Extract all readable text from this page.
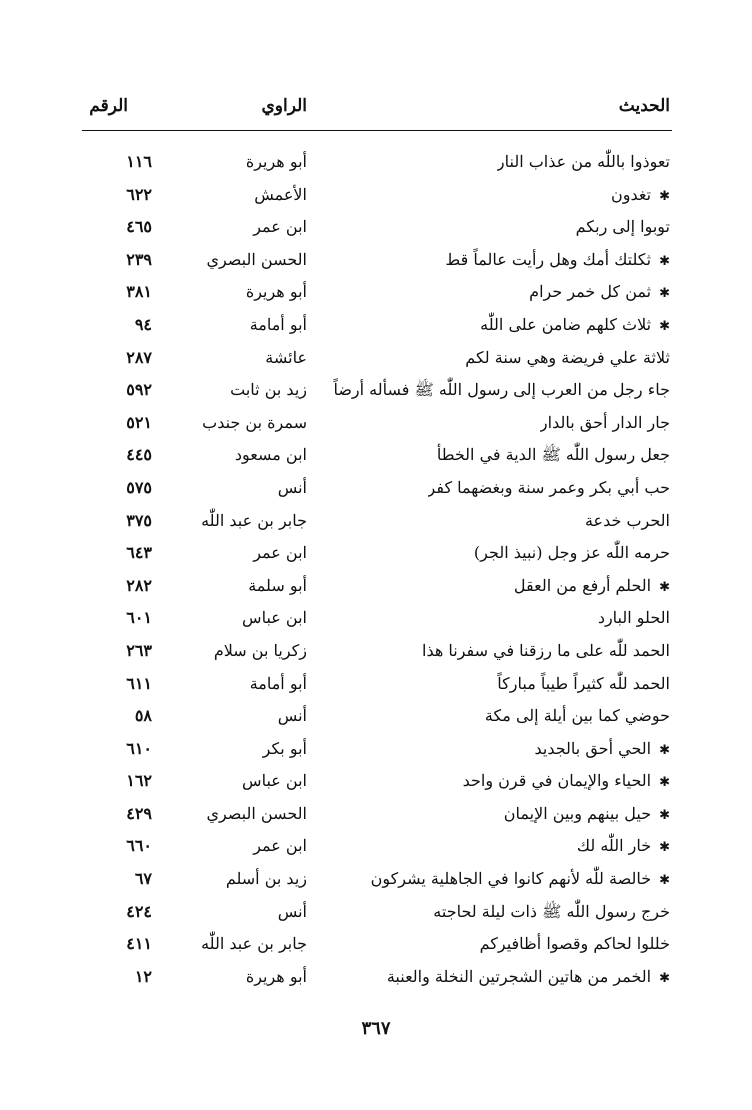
الحديث
الراوي
الرقم
تعوذوا باللّٰه من عذاب النار
أبو هريرة
١١٦
✱تغدون
الأعمش
٦٢٢
توبوا إلى ربكم
ابن عمر
٤٦٥
✱ثكلتك أمك وهل رأيت عالماً قط
الحسن البصري
٢٣٩
✱ثمن كل خمر حرام
أبو هريرة
٣٨١
✱ثلاث كلهم ضامن على اللّٰه
أبو أمامة
٩٤
ثلاثة علي فريضة وهي سنة لكم
عائشة
٢٨٧
جاء رجل من العرب إلى رسول اللّٰه ﷺ فسأله أرضاً
زيد بن ثابت
٥٩٢
جار الدار أحق بالدار
سمرة بن جندب
٥٢١
جعل رسول اللّٰه ﷺ الدية في الخطأ
ابن مسعود
٤٤٥
حب أبي بكر وعمر سنة وبغضهما كفر
أنس
٥٧٥
الحرب خدعة
جابر بن عبد اللّٰه
٣٧٥
حرمه اللّٰه عز وجل (نبيذ الجر)
ابن عمر
٦٤٣
✱الحلم أرفع من العقل
أبو سلمة
٢٨٢
الحلو البارد
ابن عباس
٦٠١
الحمد للّٰه على ما رزقنا في سفرنا هذا
زكريا بن سلام
٢٦٣
الحمد للّٰه كثيراً طيباً مباركاً
أبو أمامة
٦١١
حوضي كما بين أيلة إلى مكة
أنس
٥٨
✱الحي أحق بالجديد
أبو بكر
٦١٠
✱الحياء والإيمان في قرن واحد
ابن عباس
١٦٢
✱حيل بينهم وبين الإيمان
الحسن البصري
٤٢٩
✱خار اللّٰه لك
ابن عمر
٦٦٠
✱خالصة للّٰه لأنهم كانوا في الجاهلية يشركون
زيد بن أسلم
٦٧
خرج رسول اللّٰه ﷺ ذات ليلة لحاجته
أنس
٤٢٤
خللوا لحاكم وقصوا أظافيركم
جابر بن عبد اللّٰه
٤١١
✱الخمر من هاتين الشجرتين النخلة والعنبة
أبو هريرة
١٢
٣٦٧
